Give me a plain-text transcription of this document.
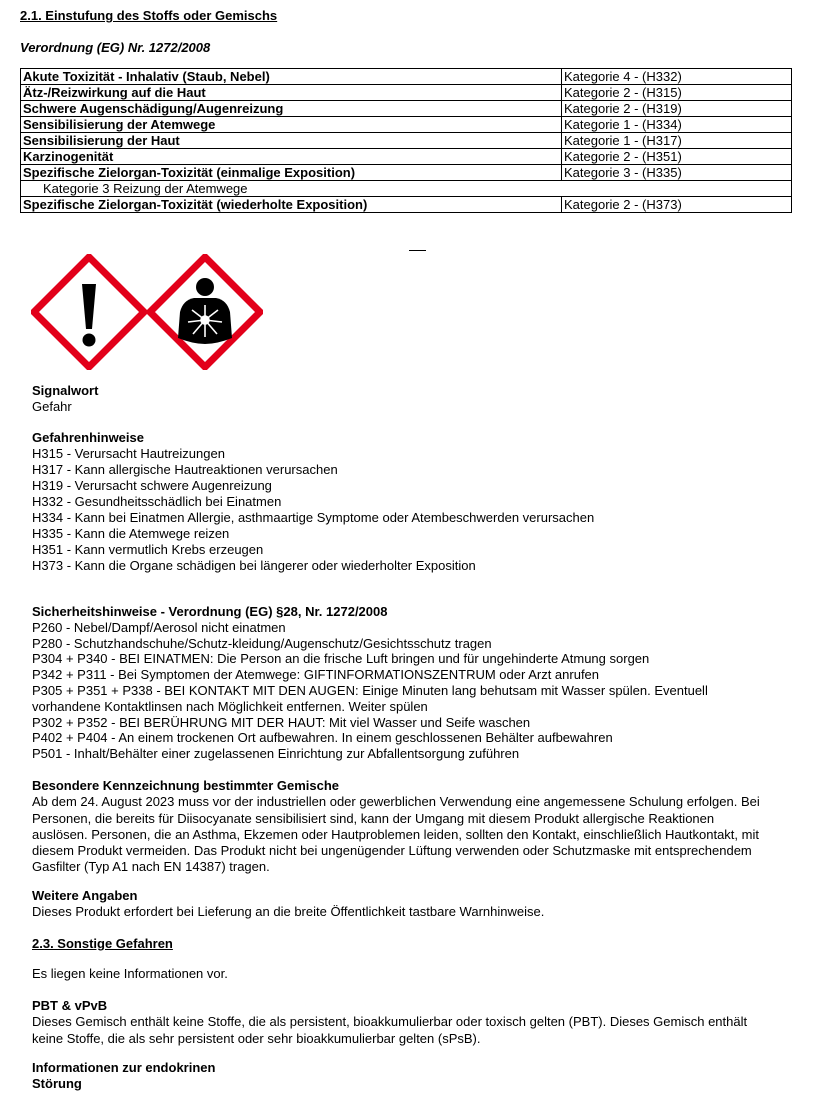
2.1. Einstufung des Stoffs oder Gemischs
Verordnung (EG) Nr. 1272/2008
Akute Toxizität - Inhalativ (Staub, Nebel)	Kategorie 4 - (H332)
Ätz-/Reizwirkung auf die Haut	Kategorie 2 - (H315)
Schwere Augenschädigung/Augenreizung	Kategorie 2 - (H319)
Sensibilisierung der Atemwege	Kategorie 1 - (H334)
Sensibilisierung der Haut	Kategorie 1 - (H317)
Karzinogenität	Kategorie 2 - (H351)
Spezifische Zielorgan-Toxizität (einmalige Exposition)	Kategorie 3 - (H335)
Kategorie 3 Reizung der Atemwege	
Spezifische Zielorgan-Toxizität (wiederholte Exposition)	Kategorie 2 - (H373)
Signalwort
Gefahr
Gefahrenhinweise
H315 - Verursacht Hautreizungen
H317 - Kann allergische Hautreaktionen verursachen
H319 - Verursacht schwere Augenreizung
H332 - Gesundheitsschädlich bei Einatmen
H334 - Kann bei Einatmen Allergie, asthmaartige Symptome oder Atembeschwerden verursachen
H335 - Kann die Atemwege reizen
H351 - Kann vermutlich Krebs erzeugen
H373 - Kann die Organe schädigen bei längerer oder wiederholter Exposition
Sicherheitshinweise - Verordnung (EG) §28, Nr. 1272/2008
P260 - Nebel/Dampf/Aerosol nicht einatmen
P280 - Schutzhandschuhe/Schutz-kleidung/Augenschutz/Gesichtsschutz tragen
P304 + P340 - BEI EINATMEN: Die Person an die frische Luft bringen und für ungehinderte Atmung sorgen
P342 + P311 - Bei Symptomen der Atemwege: GIFTINFORMATIONSZENTRUM oder Arzt anrufen
P305 + P351 + P338 - BEI KONTAKT MIT DEN AUGEN: Einige Minuten lang behutsam mit Wasser spülen. Eventuell
vorhandene Kontaktlinsen nach Möglichkeit entfernen. Weiter spülen
P302 + P352 - BEI BERÜHRUNG MIT DER HAUT: Mit viel Wasser und Seife waschen
P402 + P404 - An einem trockenen Ort aufbewahren. In einem geschlossenen Behälter aufbewahren
P501 - Inhalt/Behälter einer zugelassenen Einrichtung zur Abfallentsorgung zuführen
Besondere Kennzeichnung bestimmter Gemische
Ab dem 24. August 2023 muss vor der industriellen oder gewerblichen Verwendung eine angemessene Schulung erfolgen. Bei
Personen, die bereits für Diisocyanate sensibilisiert sind, kann der Umgang mit diesem Produkt allergische Reaktionen
auslösen. Personen, die an Asthma, Ekzemen oder Hautproblemen leiden, sollten den Kontakt, einschließlich Hautkontakt, mit
diesem Produkt vermeiden. Das Produkt nicht bei ungenügender Lüftung verwenden oder Schutzmaske mit entsprechendem
Gasfilter (Typ A1 nach EN 14387) tragen.
Weitere Angaben
Dieses Produkt erfordert bei Lieferung an die breite Öffentlichkeit tastbare Warnhinweise.
2.3. Sonstige Gefahren
Es liegen keine Informationen vor.
PBT & vPvB
Dieses Gemisch enthält keine Stoffe, die als persistent, bioakkumulierbar oder toxisch gelten (PBT). Dieses Gemisch enthält
keine Stoffe, die als sehr persistent oder sehr bioakkumulierbar gelten (sPsB).
Informationen zur endokrinen
Störung
